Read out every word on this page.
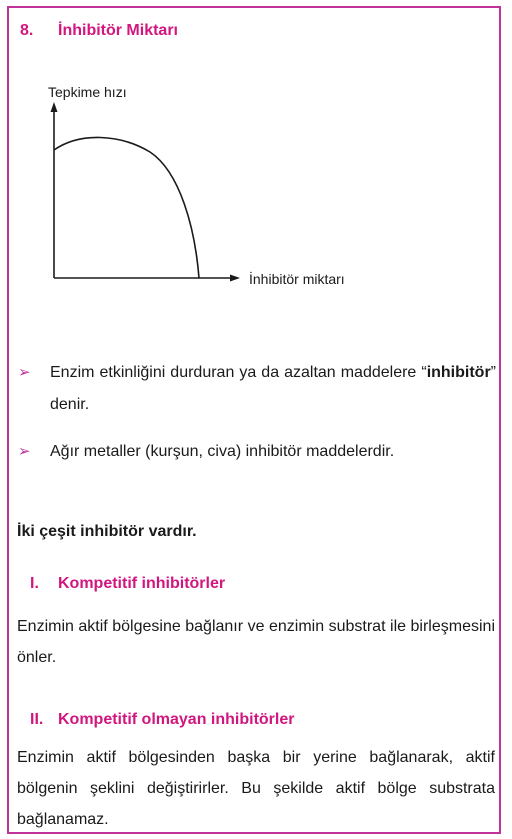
8. İnhibitör Miktarı
Tepkime hızı
İnhibitör miktarı
➢ Enzim etkinliğini durduran ya da azaltan maddelere “inhibitör” denir.
➢ Ağır metaller (kurşun, civa) inhibitör maddelerdir.
İki çeşit inhibitör vardır.
I. Kompetitif inhibitörler
Enzimin aktif bölgesine bağlanır ve enzimin substrat ile birleşmesini önler.
II. Kompetitif olmayan inhibitörler
Enzimin aktif bölgesinden başka bir yerine bağlanarak, aktif bölgenin şeklini değiştirirler. Bu şekilde aktif bölge substrata bağlanamaz.
